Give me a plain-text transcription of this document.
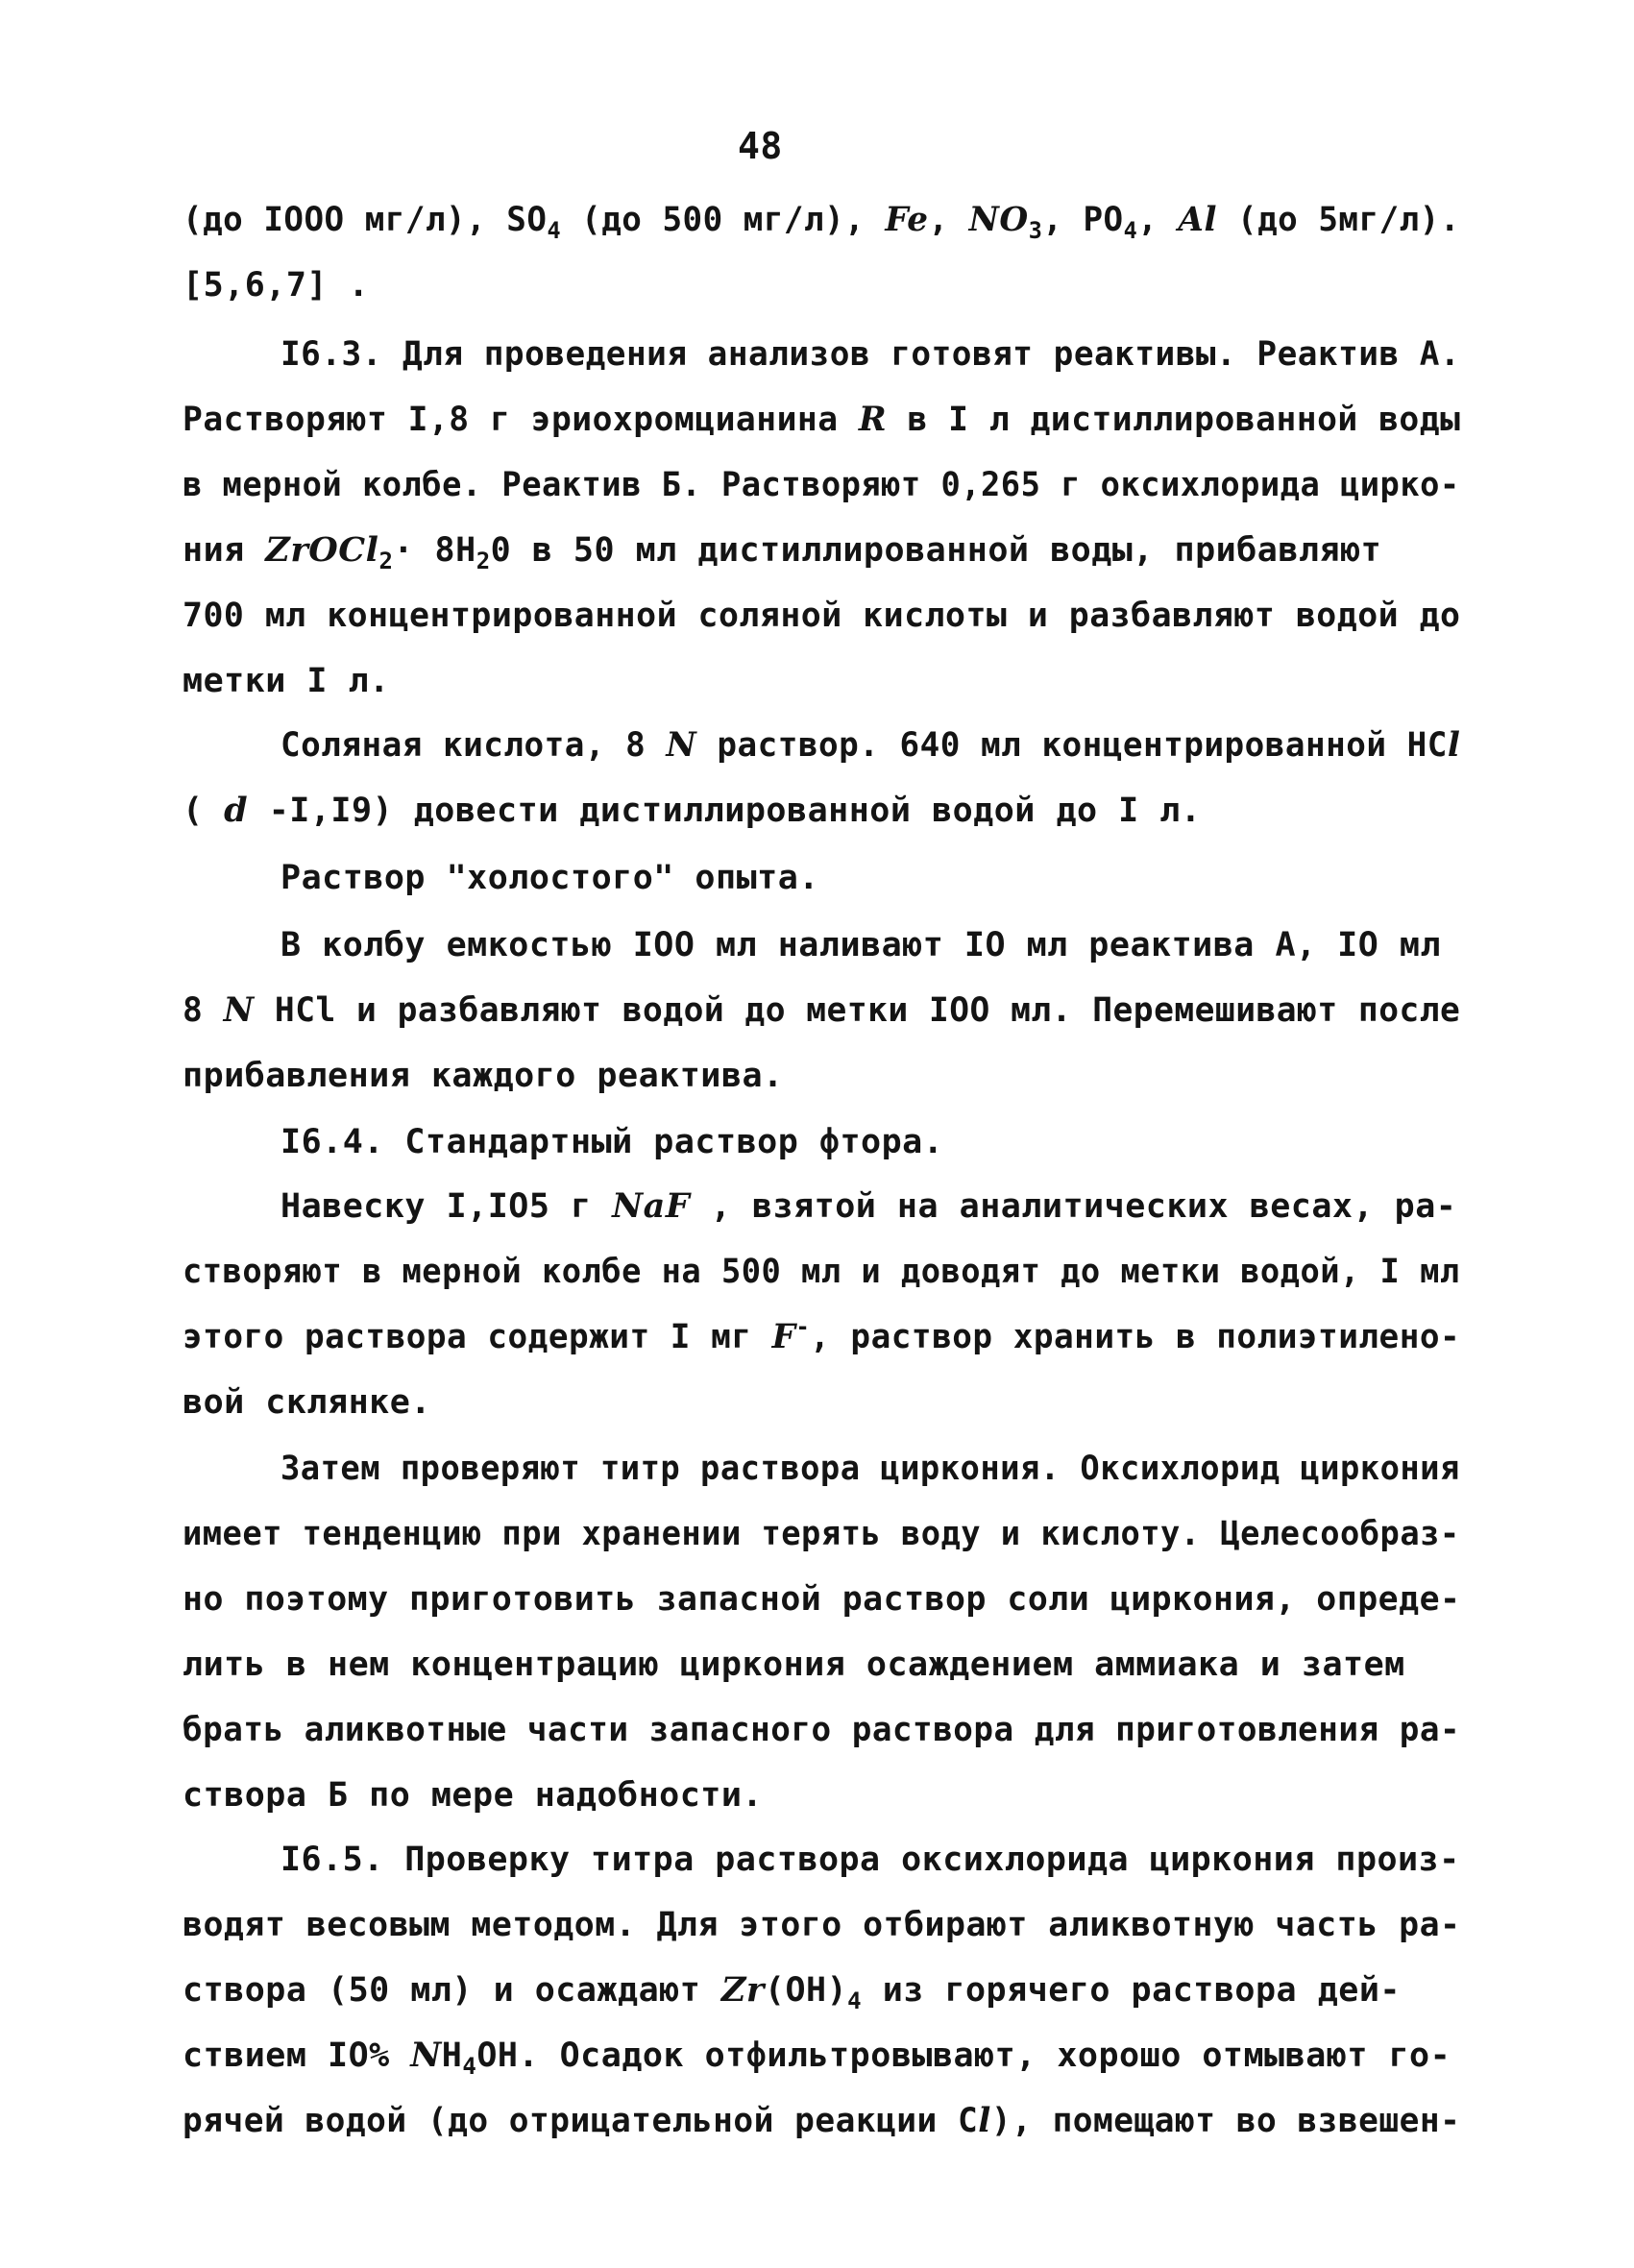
48
(до IООО мг/л), $SO_4$ (до 500 мг/л), Fe, $NO_3$, $PO_4$, Al (до 5мг/л).
[5,6,7] .
I6.3. Для проведения анализов готовят реактивы. Реактив А.
Растворяют I,8 г эриохромцианина R в I л дистиллированной воды
в мерной колбе. Реактив Б. Растворяют 0,265 г оксихлорида цирко-
ния ZrOCl$_2$· $8H_20$ в 50 мл дистиллированной воды, прибавляют
700 мл концентрированной соляной кислоты и разбавляют водой до
метки I л.
Соляная кислота, 8 N раствор. 640 мл концентрированной HCl
( d -I,I9) довести дистиллированной водой до I л.
Раствор "холостого" опыта.
В колбу емкостью IOO мл наливают IO мл реактива А, IO мл
8 N HCl и разбавляют водой до метки IOO мл. Перемешивают после
прибавления каждого реактива.
I6.4. Стандартный раствор фтора.
Навеску I,IO5 г NaF , взятой на аналитических весах, ра-
створяют в мерной колбе на 500 мл и доводят до метки водой, I мл
этого раствора содержит I мг F-, раствор хранить в полиэтилено-
вой склянке.
Затем проверяют титр раствора циркония. Оксихлорид циркония
имеет тенденцию при хранении терять воду и кислоту. Целесообраз-
но поэтому приготовить запасной раствор соли циркония, опреде-
лить в нем концентрацию циркония осаждением аммиака и затем
брать аликвотные части запасного раствора для приготовления ра-
створа Б по мере надобности.
I6.5. Проверку титра раствора оксихлорида циркония произ-
водят весовым методом. Для этого отбирают аликвотную часть ра-
створа (50 мл) и осаждают $Zr(OH)_4$ из горячего раствора дей-
ствием IO% $NH_4OH$. Осадок отфильтровывают, хорошо отмывают го-
рячей водой (до отрицательной реакции Cl), помещают во взвешен-
